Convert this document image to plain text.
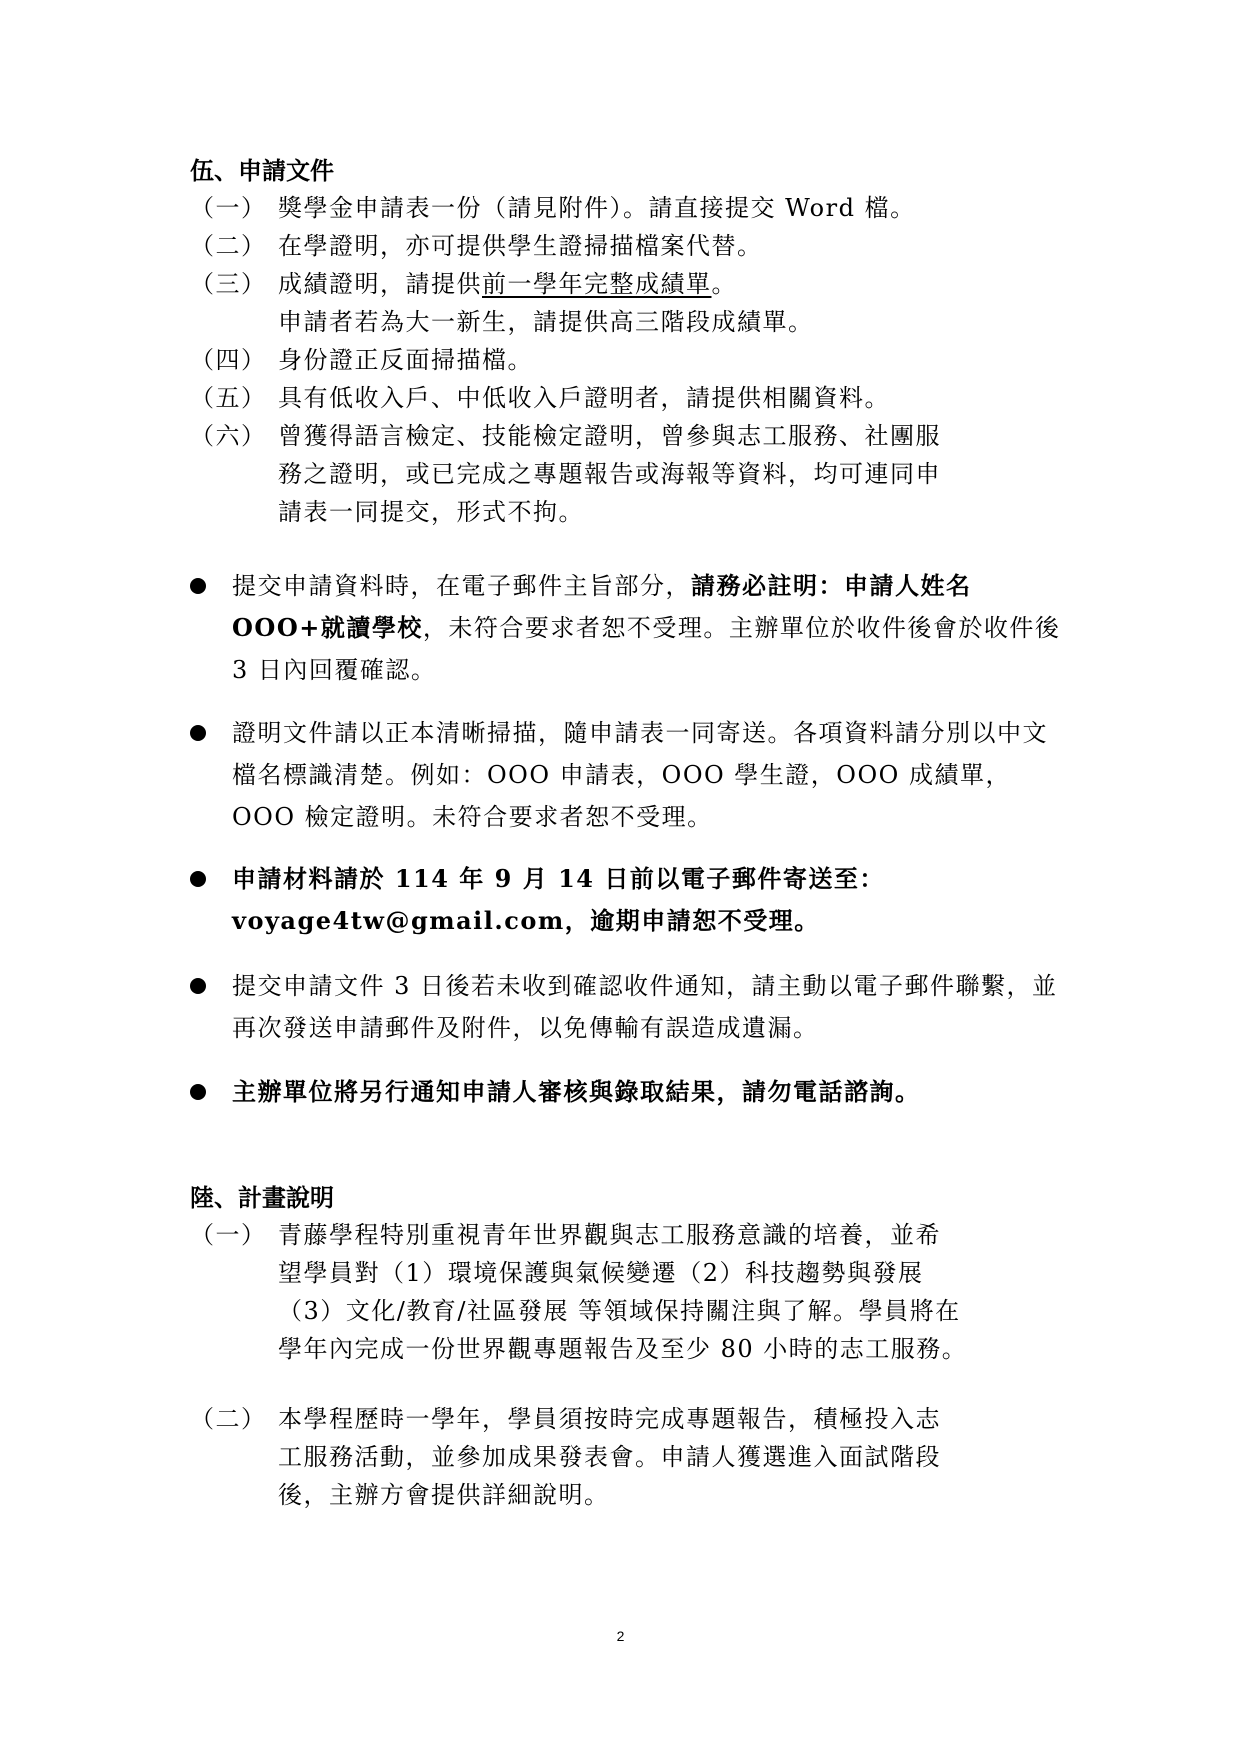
伍、申請文件
（一） 獎學金申請表一份（請見附件）。請直接提交 Word 檔。
（二） 在學證明，亦可提供學生證掃描檔案代替。
（三） 成績證明，請提供前一學年完整成績單。
申請者若為大一新生，請提供高三階段成績單。
（四） 身份證正反面掃描檔。
（五） 具有低收入戶、中低收入戶證明者，請提供相關資料。
（六） 曾獲得語言檢定、技能檢定證明，曾參與志工服務、社團服
務之證明，或已完成之專題報告或海報等資料，均可連同申
請表一同提交，形式不拘。
提交申請資料時，在電子郵件主旨部分，請務必註明：申請人姓名 OOO+就讀學校，未符合要求者恕不受理。主辦單位於收件後會於收件後 3 日內回覆確認。
證明文件請以正本清晰掃描，隨申請表一同寄送。各項資料請分別以中文檔名標識清楚。例如：OOO 申請表，OOO 學生證，OOO 成績單，OOO 檢定證明。未符合要求者恕不受理。
申請材料請於 114 年 9 月 14 日前以電子郵件寄送至：voyage4tw@gmail.com，逾期申請恕不受理。
提交申請文件 3 日後若未收到確認收件通知，請主動以電子郵件聯繫，並再次發送申請郵件及附件，以免傳輸有誤造成遺漏。
主辦單位將另行通知申請人審核與錄取結果，請勿電話諮詢。
陸、計畫說明
（一） 青藤學程特別重視青年世界觀與志工服務意識的培養，並希
望學員對（1）環境保護與氣候變遷（2）科技趨勢與發展
（3）文化/教育/社區發展 等領域保持關注與了解。學員將在
學年內完成一份世界觀專題報告及至少 80 小時的志工服務。
（二） 本學程歷時一學年，學員須按時完成專題報告，積極投入志
工服務活動，並參加成果發表會。申請人獲選進入面試階段
後，主辦方會提供詳細說明。
2
